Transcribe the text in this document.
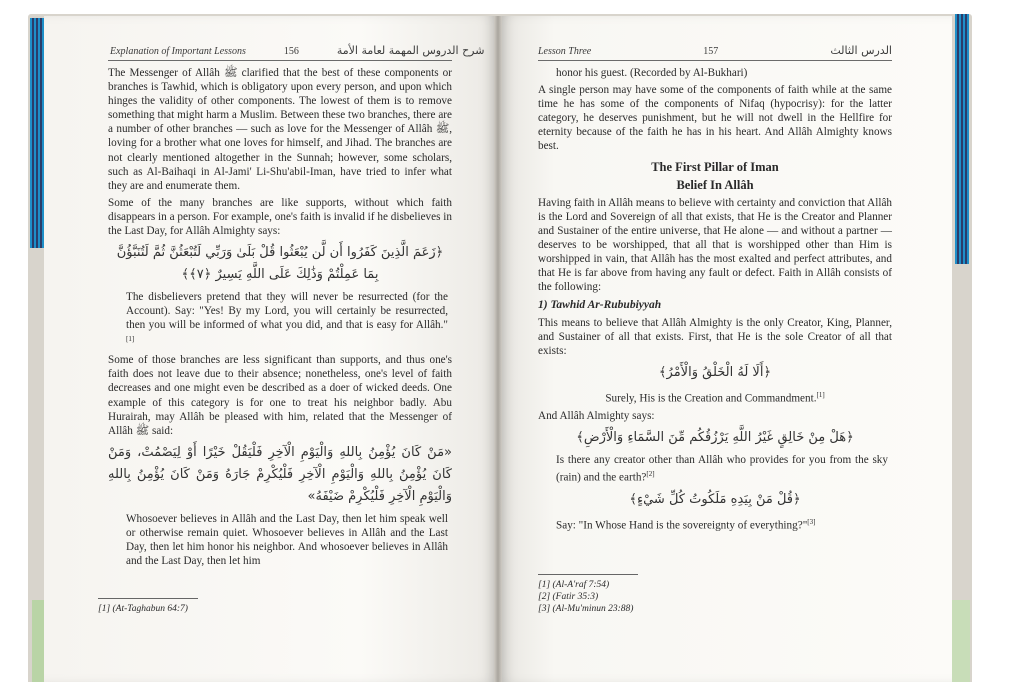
Explanation of Important Lessons	156	شرح الدروس المهمة لعامة الأمة

The Messenger of Allâh ﷺ clarified that the best of these components or branches is Tawhid, which is obligatory upon every person, and upon which hinges the validity of other components. The lowest of them is to remove something that might harm a Muslim. Between these two branches, there are a number of other branches — such as love for the Messenger of Allâh ﷺ, loving for a brother what one loves for himself, and Jihad. The branches are not clearly mentioned altogether in the Sunnah; however, some scholars, such as Al-Baihaqi in Al-Jami' Li-Shu'abil-Iman, have tried to infer what they are and enumerate them.

Some of the many branches are like supports, without which faith disappears in a person. For example, one's faith is invalid if he disbelieves in the Last Day, for Allâh Almighty says:

﴿زَعَمَ الَّذِينَ كَفَرُوا أَن لَّن يُبْعَثُوا قُلْ بَلَىٰ وَرَبِّي لَتُبْعَثُنَّ ثُمَّ لَتُنَبَّؤُنَّ بِمَا عَمِلْتُمْ وَذَٰلِكَ عَلَى اللَّهِ يَسِيرٌ ﴿٧﴾﴾

The disbelievers pretend that they will never be resurrected (for the Account). Say: "Yes! By my Lord, you will certainly be resurrected, then you will be informed of what you did, and that is easy for Allâh."[1]

Some of those branches are less significant than supports, and thus one's faith does not leave due to their absence; nonetheless, one's level of faith decreases and one might even be described as a doer of wicked deeds. One example of this category is for one to treat his neighbor badly. Abu Hurairah, may Allâh be pleased with him, related that the Messenger of Allâh ﷺ said:

«مَنْ كَانَ يُؤْمِنُ بِاللهِ وَالْيَوْمِ الْآخِرِ فَلْيَقُلْ خَيْرًا أَوْ لِيَصْمُتْ، وَمَنْ كَانَ يُؤْمِنُ بِاللهِ وَالْيَوْمِ الْآخِرِ فَلْيُكْرِمْ جَارَهُ وَمَنْ كَانَ يُؤْمِنُ بِاللهِ وَالْيَوْمِ الْآخِرِ فَلْيُكْرِمْ ضَيْفَهُ»

Whosoever believes in Allâh and the Last Day, then let him speak well or otherwise remain quiet. Whosoever believes in Allâh and the Last Day, then let him honor his neighbor. And whosoever believes in Allâh and the Last Day, then let him

[1] (At-Taghabun 64:7)
Lesson Three	157	الدرس الثالث

honor his guest. (Recorded by Al-Bukhari)

A single person may have some of the components of faith while at the same time he has some of the components of Nifaq (hypocrisy): for the latter category, he deserves punishment, but he will not dwell in the Hellfire for eternity because of the faith he has in his heart. And Allâh Almighty knows best.

The First Pillar of Iman
Belief In Allâh

Having faith in Allâh means to believe with certainty and conviction that Allâh is the Lord and Sovereign of all that exists, that He is the Creator and Planner and Sustainer of the entire universe, that He alone — and without a partner — deserves to be worshipped, that all that is worshipped other than Him is worshipped in vain, that Allâh has the most exalted and perfect attributes, and that He is far above from having any fault or defect. Faith in Allâh consists of the following:

1) Tawhid Ar-Rububiyyah

This means to believe that Allâh Almighty is the only Creator, King, Planner, and Sustainer of all that exists. First, that He is the sole Creator of all that exists:

﴿أَلَا لَهُ الْخَلْقُ وَالْأَمْرُ﴾

Surely, His is the Creation and Commandment.[1]

And Allâh Almighty says:

﴿هَلْ مِنْ خَالِقٍ غَيْرُ اللَّهِ يَرْزُقُكُم مِّنَ السَّمَاءِ وَالْأَرْضِ﴾

Is there any creator other than Allâh who provides for you from the sky (rain) and the earth?[2]

﴿قُلْ مَنْ بِيَدِهِ مَلَكُوتُ كُلِّ شَيْءٍ﴾

Say: "In Whose Hand is the sovereignty of everything?"[3]

[1] (Al-A'raf 7:54)
[2] (Fatir 35:3)
[3] (Al-Mu'minun 23:88)
